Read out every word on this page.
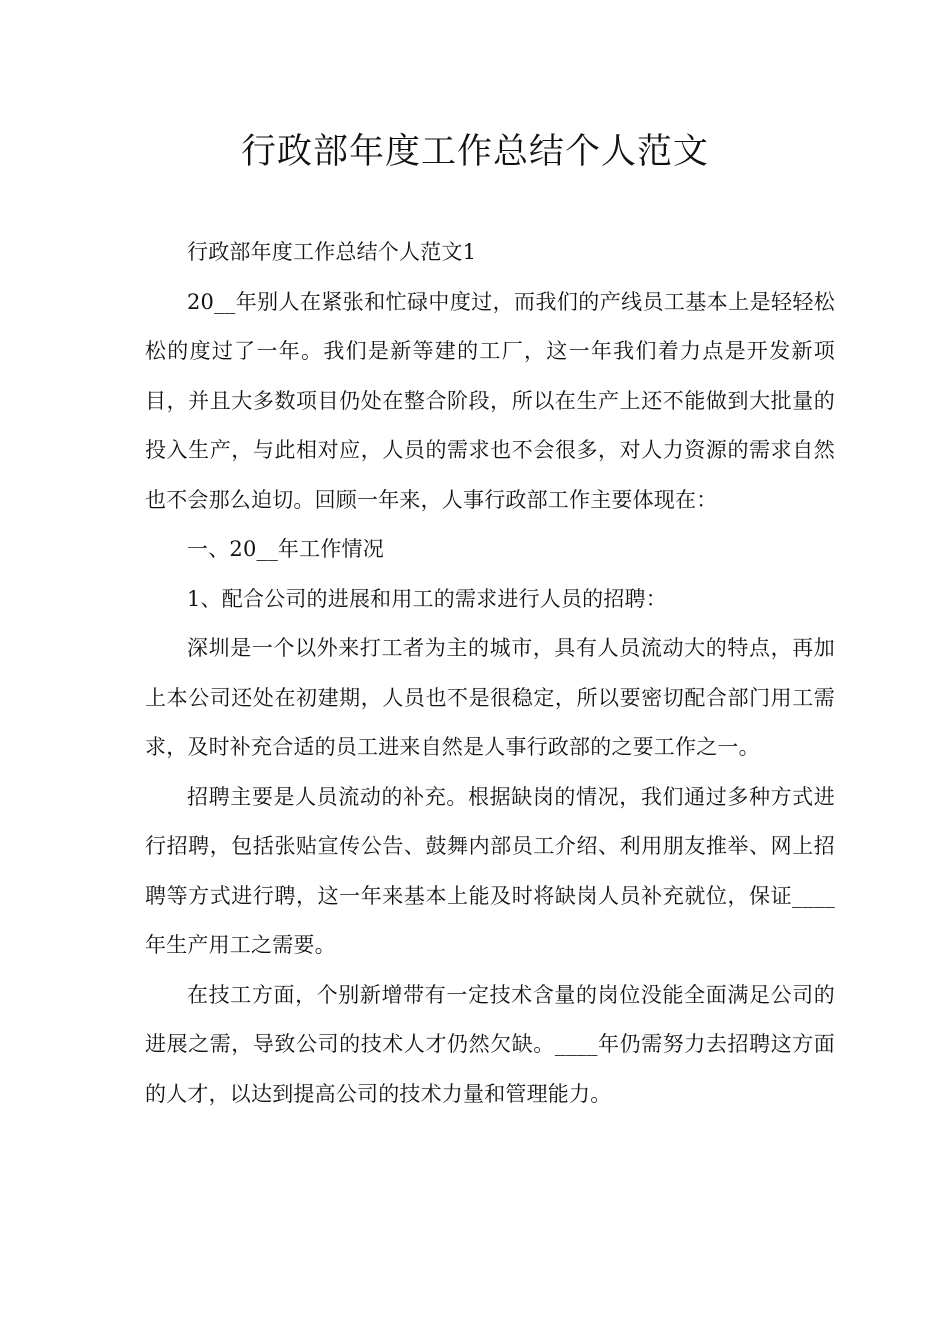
行政部年度工作总结个人范文

行政部年度工作总结个人范文1

20__年别人在紧张和忙碌中度过，而我们的产线员工基本上是轻轻松松的度过了一年。我们是新等建的工厂，这一年我们着力点是开发新项目，并且大多数项目仍处在整合阶段，所以在生产上还不能做到大批量的投入生产，与此相对应，人员的需求也不会很多，对人力资源的需求自然也不会那么迫切。回顾一年来，人事行政部工作主要体现在：

一、20__年工作情况

1、配合公司的进展和用工的需求进行人员的招聘：

深圳是一个以外来打工者为主的城市，具有人员流动大的特点，再加上本公司还处在初建期，人员也不是很稳定，所以要密切配合部门用工需求，及时补充合适的员工进来自然是人事行政部的之要工作之一。

招聘主要是人员流动的补充。根据缺岗的情况，我们通过多种方式进行招聘，包括张贴宣传公告、鼓舞内部员工介绍、利用朋友推举、网上招聘等方式进行聘，这一年来基本上能及时将缺岗人员补充就位，保证____年生产用工之需要。

在技工方面，个别新增带有一定技术含量的岗位没能全面满足公司的进展之需，导致公司的技术人才仍然欠缺。____年仍需努力去招聘这方面的人才，以达到提高公司的技术力量和管理能力。
